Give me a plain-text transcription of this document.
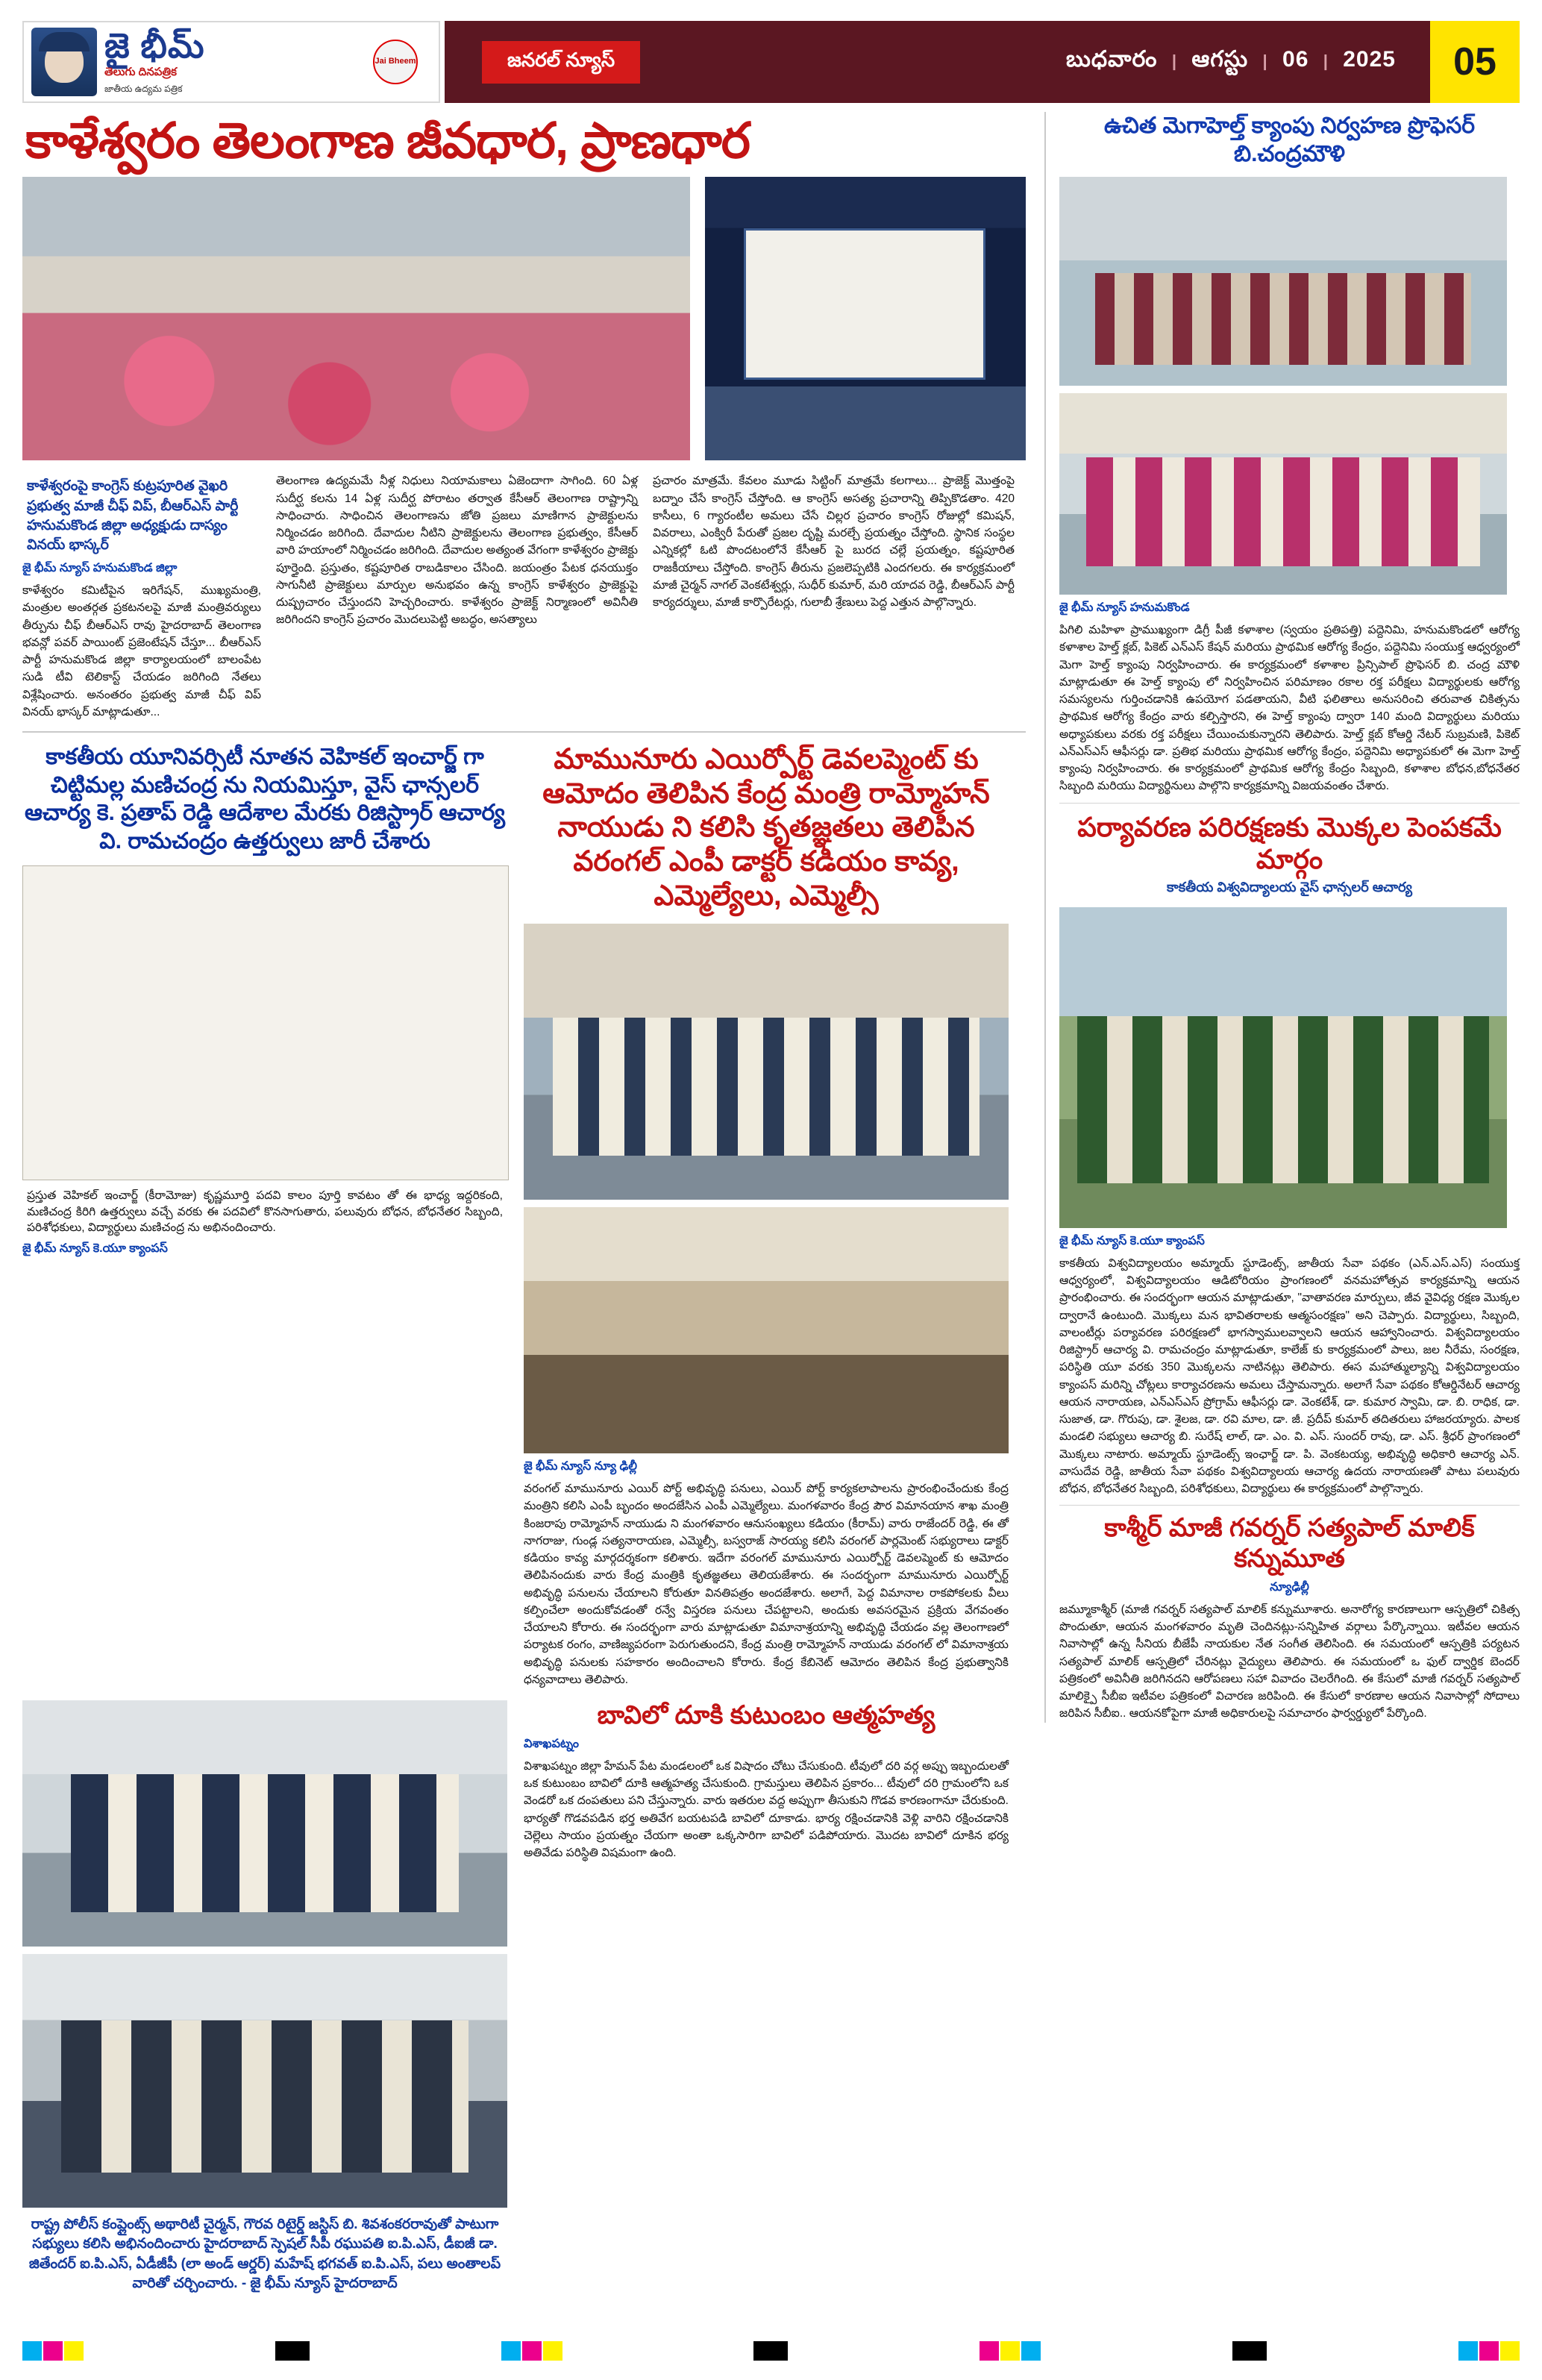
జై భీమ్
తెలుగు దినపత్రిక
జాతీయ ఉద్యమ పత్రిక
Jai Bheem	జనరల్ న్యూస్	బుధవారం | ఆగస్టు | 06 | 2025	05
కాళేశ్వరం తెలంగాణ జీవధార, ప్రాణధార
కాళేశ్వరంపై కాంగ్రెస్ కుట్రపూరిత వైఖరి ప్రభుత్వ మాజీ చీఫ్ విప్, బీఆర్ఎస్ పార్టీ హనుమకొండ జిల్లా అధ్యక్షుడు దాస్యం వినయ్ భాస్కర్
జై భీమ్ న్యూస్ హనుమకొండ జిల్లా
కాళేశ్వరం కమిటీపైన ఇరిగేషన్, ముఖ్యమంత్రి, మంత్రుల అంతర్గత ప్రకటనలపై మాజీ మంత్రివర్యులు తీర్పును చీఫ్ బీఆర్ఎస్ రావు హైదరాబాద్ తెలంగాణ భవన్లో పవర్ పాయింట్ ప్రజెంటేషన్ చేస్తూ... బీఆర్ఎస్ పార్టీ హనుమకొండ జిల్లా కార్యాలయంలో బాలంపేట సుడి టీవి టెలికాస్ట్ చేయడం జరిగింది నేతలు విశ్లేషించారు. అనంతరం ప్రభుత్వ మాజీ చీఫ్ విప్ వినయ్ భాస్కర్ మాట్లాడుతూ...
తెలంగాణ ఉద్యమమే నీళ్ల నిధులు నియామకాలు ఏజెందాగా సాగింది. 60 ఏళ్ల సుదీర్ఘ కలను 14 ఏళ్ల సుదీర్ఘ పోరాటం తర్వాత కేసీఆర్ తెలంగాణ రాష్ట్రాన్ని సాధించారు. సాధించిన తెలంగాణను జోతి ప్రజలు మాణిగాన ప్రాజెక్టులను నిర్మించడం జరిగింది. దేవాదుల నీటిని ప్రాజెక్టులను తెలంగాణ ప్రభుత్వం, కేసీఆర్ వారి హయాంలో నిర్మించడం జరిగింది. దేవాదుల అత్యంత వేగంగా కాళేశ్వరం ప్రాజెక్టు పూర్తైంది. ప్రస్తుతం, కష్టపూరిత రాబడికాలం చేసింది. జయంత్రం పేటక ధనయుక్తం సాగునీటి ప్రాజెక్టులు మార్పుల అనుభవం ఉన్న కాంగ్రెస్ కాళేశ్వరం ప్రాజెక్టుపై దుష్ప్రచారం చేస్తుందని హెచ్చరించారు. కాళేశ్వరం ప్రాజెక్ట్ నిర్మాణంలో అవినీతి జరిగిందని కాంగ్రెస్ ప్రచారం మొదలుపెట్టి అబద్ధం, అసత్యాలు
ప్రచారం మాత్రమే. కేవలం మూడు సిట్టింగ్ మాత్రమే కలగాలు... ప్రాజెక్ట్ మొత్తంపై బద్నాం చేసే కాంగ్రెస్ చేస్తోంది. ఆ కాంగ్రెస్ అసత్య ప్రచారాన్ని తిప్పికొడతాం. 420 కాసీలు, 6 గ్యారంటీల అమలు చేసే చిల్లర ప్రచారం కాంగ్రెస్ రోజుల్లో కమిషన్, వివరాలు, ఎంక్విరీ పేరుతో ప్రజల దృష్టి మరల్చే ప్రయత్నం చేస్తోంది. స్థానిక సంస్థల ఎన్నికల్లో ఓటి పొందటంలోనే కేసీఆర్ పై బురద చల్లే ప్రయత్నం, కష్టపూరిత రాజకీయాలు చేస్తోంది. కాంగ్రెస్ తీరును ప్రజలెప్పటికి ఎందగలరు. ఈ కార్యక్రమంలో మాజీ చైర్మన్ నాగల్ వెంకటేశ్వర్లు, సుధీర్ కుమార్, మరి యాదవ రెడ్డి, బీఆర్ఎస్ పార్టీ కార్యదర్శులు, మాజీ కార్పొరేటర్లు, గులాబీ శ్రేణులు పెద్ద ఎత్తున పాల్గొన్నారు.
కాకతీయ యూనివర్సిటీ నూతన వెహికల్ ఇంచార్జ్ గా చిట్టిమల్ల మణిచంద్ర ను నియమిస్తూ, వైస్ ఛాన్సలర్ ఆచార్య కె. ప్రతాప్ రెడ్డి ఆదేశాల మేరకు రిజిస్ట్రార్ ఆచార్య వి. రామచంద్రం ఉత్తర్వులు జారీ చేశారు
ప్రస్తుత వెహికల్ ఇంచార్జ్ (కీరామోజు) కృష్ణమూర్తి పదవి కాలం పూర్తి కావటం తో ఈ భాధ్య ఇద్దరికంది, మణిచంద్ర కిరిగి ఉత్తర్వులు వచ్చే వరకు ఈ పదవిలో కొనసాగుతారు, పలువురు బోధన, బోధనేతర సిబ్బంది, పరిశోధకులు, విద్యార్థులు మణిచంద్ర ను అభినందించారు.
జై భీమ్ న్యూస్ కె.యూ క్యాంపస్
మామునూరు ఎయిర్పోర్ట్ డెవలప్మెంట్ కు ఆమోదం తెలిపిన కేంద్ర మంత్రి రామ్మోహన్ నాయుడు ని కలిసి కృతజ్ఞతలు తెలిపిన వరంగల్ ఎంపీ డాక్టర్ కడియం కావ్య, ఎమ్మెల్యేలు, ఎమ్మెల్సీ
జై భీమ్ న్యూస్ న్యూ ఢిల్లీ
వరంగల్ మామునూరు ఎయిర్ పోర్ట్ అభివృద్ధి పనులు, ఎయిర్ పోర్ట్ కార్యకలాపాలను ప్రారంభించేందుకు కేంద్ర మంత్రిని కలిసి ఎంపీ బృందం అందజేసిన ఎంపీ ఎమ్మెల్యేలు. మంగళవారం కేంద్ర పౌర విమానయాన శాఖ మంత్రి కింజరాపు రామ్మోహన్ నాయుడు ని మంగళవారం ఆనుసంఖ్యలు కడియం (కీరామ్) వారు రాజేందర్ రెడ్డి, ఈ తో నాగరాజు, గుండ్ల సత్యనారాయణ, ఎమ్మెల్సీ, బస్వరాజ్ సారయ్య కలిసి వరంగల్ పార్లమెంట్ సభ్యురాలు డాక్టర్ కడియం కావ్య మార్గదర్శకంగా కలిశారు. ఇదేగా వరంగల్ మామునూరు ఎయిర్పోర్ట్ డెవలప్మెంట్ కు ఆమోదం తెలిపినందుకు వారు కేంద్ర మంత్రికి కృతజ్ఞతలు తెలియజేశారు. ఈ సందర్భంగా మామునూరు ఎయిర్పోర్ట్ అభివృద్ధి పనులను చేయాలని కోరుతూ వినతిపత్రం అందజేశారు. అలాగే, పెద్ద విమానాల రాకపోకలకు వీలు కల్పించేలా అందుకోవడంతో రన్వే విస్తరణ పనులు చేపట్టాలని, అందుకు అవసరమైన ప్రక్రియ వేగవంతం చేయాలని కోరారు. ఈ సందర్భంగా వారు మాట్లాడుతూ విమానాశ్రయాన్ని అభివృద్ధి చేయడం వల్ల తెలంగాణలో పర్యాటక రంగం, వాణిజ్యపరంగా పెరుగుతుందని, కేంద్ర మంత్రి రామ్మోహన్ నాయుడు వరంగల్ లో విమానాశ్రయ అభివృద్ధి పనులకు సహకారం అందించాలని కోరారు. కేంద్ర కేబినెట్ ఆమోదం తెలిపిన కేంద్ర ప్రభుత్వానికి ధన్యవాదాలు తెలిపారు.
రాష్ట్ర పోలీస్ కంప్లైంట్స్ అథారిటీ చైర్మన్, గౌరవ రిటైర్డ్ జస్టిస్ బి. శివశంకరరావుతో పాటుగా సభ్యులు కలిసి అభినందించారు హైదరాబాద్ స్పెషల్ సీపీ రఘుపతి ఐ.పి.ఎస్, డీఐజీ డా. జితేందర్ ఐ.పి.ఎస్, ఏడీజీపీ (లా అండ్ ఆర్డర్) మహేష్ భగవత్ ఐ.పి.ఎస్, పలు అంతాలప్ వారితో చర్చించారు. - జై భీమ్ న్యూస్ హైదరాబాద్
బావిలో దూకి కుటుంబం ఆత్మహత్య
విశాఖపట్నం
విశాఖపట్నం జిల్లా హేమన్ పేట మండలంలో ఒక విషాదం చోటు చేసుకుంది. టీవులో దరి వర్గ అప్పు ఇబ్బందులతో ఒక కుటుంబం బావిలో దూకి ఆత్మహత్య చేసుకుంది. గ్రామస్తులు తెలిపిన ప్రకారం... టీవులో దరి గ్రామంలోని ఒక వెండరో ఒక దంపతులు పని చేస్తున్నారు. వారు ఇతరుల వద్ద అప్పుగా తీసుకుని గొడవ కారణంగానూ చేరుకుంది. భార్యతో గొడవపడిన భర్త అతివేగ బయటపడి బావిలో దూకాడు. భార్య రక్షించడానికి వెళ్లి వారిని రక్షించడానికి చెల్లెలు సాయం ప్రయత్నం చేయగా అంతా ఒక్కసారిగా బావిలో పడిపోయారు. మొదట బావిలో దూకిన భర్య అతివేడు పరిస్థితి విషమంగా ఉంది.
ఉచిత మెగాహెల్త్ క్యాంపు నిర్వహణ ప్రొఫెసర్ బి.చంద్రమౌళి
జై భీమ్ న్యూస్ హనుమకొండ
పిగిలి మహిళా ప్రాముఖ్యంగా డిగ్రీ పీజీ కళాశాల (స్వయం ప్రతిపత్తి) పద్దెనిమి, హనుమకొండలో ఆరోగ్య కళాశాల హెల్త్ క్లబ్, పికెట్ ఎన్ఎస్ కేషన్ మరియు ప్రాథమిక ఆరోగ్య కేంద్రం, పద్దెనిమి సంయుక్త ఆధ్వర్యంలో మెగా హెల్త్ క్యాంపు నిర్వహించారు. ఈ కార్యక్రమంలో కళాశాల ప్రిన్సిపాల్ ప్రొఫెసర్ బి. చంద్ర మౌళి మాట్లాడుతూ ఈ హెల్త్ క్యాంపు లో నిర్వహించిన పరిమాణం రకాల రక్త పరీక్షలు విద్యార్థులకు ఆరోగ్య సమస్యలను గుర్తించడానికి ఉపయోగ పడతాయని, వీటి ఫలితాలు అనుసరించి తరువాత చికిత్సను ప్రాథమిక ఆరోగ్య కేంద్రం వారు కల్పిస్తారని, ఈ హెల్త్ క్యాంపు ద్వారా 140 మంది విద్యార్థులు మరియు అధ్యాపకులు వరకు రక్త పరీక్షలు చేయించుకున్నారని తెలిపారు. హెల్త్ క్లబ్ కోఆర్డి నేటర్ సుబ్రమణి, పికెట్ ఎన్ఎస్ఎస్ ఆఫీసర్లు డా. ప్రతిభ మరియు ప్రాథమిక ఆరోగ్య కేంద్రం, పద్దెనిమి అధ్యాపకులో ఈ మెగా హెల్త్ క్యాంపు నిర్వహించారు. ఈ కార్యక్రమంలో ప్రాథమిక ఆరోగ్య కేంద్రం సిబ్బంది, కళాశాల బోధన,బోధనేతర సిబ్బంది మరియు విద్యార్థినులు పాల్గొని కార్యక్రమాన్ని విజయవంతం చేశారు.
పర్యావరణ పరిరక్షణకు మొక్కల పెంపకమే మార్గం
కాకతీయ విశ్వవిద్యాలయ వైస్ ఛాన్సలర్ ఆచార్య
జై భీమ్ న్యూస్ కె.యూ క్యాంపస్
కాకతీయ విశ్వవిద్యాలయం అమ్మాయ్ స్టూడెంట్స్, జాతీయ సేవా పథకం (ఎన్.ఎస్.ఎస్) సంయుక్త ఆధ్వర్యంలో, విశ్వవిద్యాలయం ఆడిటోరియం ప్రాంగణంలో వనమహోత్సవ కార్యక్రమాన్ని ఆయన ప్రారంభించారు. ఈ సందర్భంగా ఆయన మాట్లాడుతూ, "వాతావరణ మార్పులు, జీవ వైవిధ్య రక్షణ మొక్కల ద్వారానే ఉంటుంది. మొక్కలు మన భావితరాలకు ఆత్మసంరక్షణ" అని చెప్పారు. విద్యార్థులు, సిబ్బంది, వాలంటీర్లు పర్యావరణ పరిరక్షణలో భాగస్వాములవ్వాలని ఆయన ఆహ్వానించారు. విశ్వవిద్యాలయం రిజిస్ట్రార్ ఆచార్య వి. రామచంద్రం మాట్లాడుతూ, కాలేజ్ కు కార్యక్రమంలో పాలు, జల నీరేమ, సంరక్షణ, పరిస్థితి యూ వరకు 350 మొక్కలను నాటినట్లు తెలిపారు. ఈస మహాత్ముల్యాన్ని విశ్వవిద్యాలయం క్యాంపస్ మరిన్ని చోట్లలు కార్యాచరణను అమలు చేస్తామన్నారు. అలాగే సేవా పథకం కోఆర్డినేటర్ ఆచార్య ఆయన నారాయణ, ఎన్ఎస్ఎస్ ప్రోగ్రామ్ ఆఫీసర్లు డా. వెంకటేశ్, డా. కుమార స్వామి, డా. బి. రాధిక, డా. సుజాత, డా. గొరుపు, డా. శైలజ, డా. రవి మాల, డా. జీ. ప్రదీప్ కుమార్ తదితరులు హాజరయ్యారు. పాలక మండలి సభ్యులు ఆచార్య బి. సురేష్ లాల్, డా. ఎం. వి. ఎస్. సుందర్ రావు, డా. ఎస్. శ్రీధర్ ప్రాంగణంలో మొక్కలు నాటారు. అమ్మాయ్ స్టూడెంట్స్ ఇంఛార్జ్ డా. పి. వెంకటయ్య, అభివృద్ధి అధికారి ఆచార్య ఎన్. వాసుదేవ రెడ్డి, జాతీయ సేవా పథకం విశ్వవిద్యాలయ ఆచార్య ఉదయ నారాయణతో పాటు పలువురు బోధన, బోధనేతర సిబ్బంది, పరిశోధకులు, విద్యార్థులు ఈ కార్యక్రమంలో పాల్గొన్నారు.
కాశ్మీర్ మాజీ గవర్నర్ సత్యపాల్ మాలిక్ కన్నుమూత
న్యూఢిల్లీ
జమ్మూకాశ్మీర్ (మాజీ గవర్నర్ సత్యపాల్ మాలిక్ కన్నుమూశారు. అనారోగ్య కారణాలుగా ఆస్పత్రిలో చికిత్స పొందుతూ, ఆయన మంగళవారం మృతి చెందినట్లు-సన్నిహిత వర్గాలు పేర్కొన్నాయి. ఇటీవల ఆయన నివాసాల్లో ఉన్న సీనియ బీజేపీ నాయకుల నేత సంగీత తెలిసింది. ఈ సమయంలో ఆస్పత్రికి పర్యటన సత్యపాల్ మాలిక్ ఆస్పత్రిలో చేరినట్లు వైద్యులు తెలిపారు. ఈ సమయంలో ఒ ఫుల్ ద్వార్డిక బెందర్ పత్రికంలో అవినీతి జరిగినదని ఆరోపణలు సహా వివాదం చెలరేగింది. ఈ కేసులో మాజీ గవర్నర్ సత్యపాల్ మాలిక్పై సీబీఐ ఇటీవల పత్రికంలో విచారణ జరిపింది. ఈ కేసులో కారణాల ఆయన నివాసాల్లో సోదాలు జరిపిన సీబీఐ.. ఆయనకోపైగా మాజీ అధికారులపై సమాచారం ఫార్వర్డ్యులో పేర్కొంది.
